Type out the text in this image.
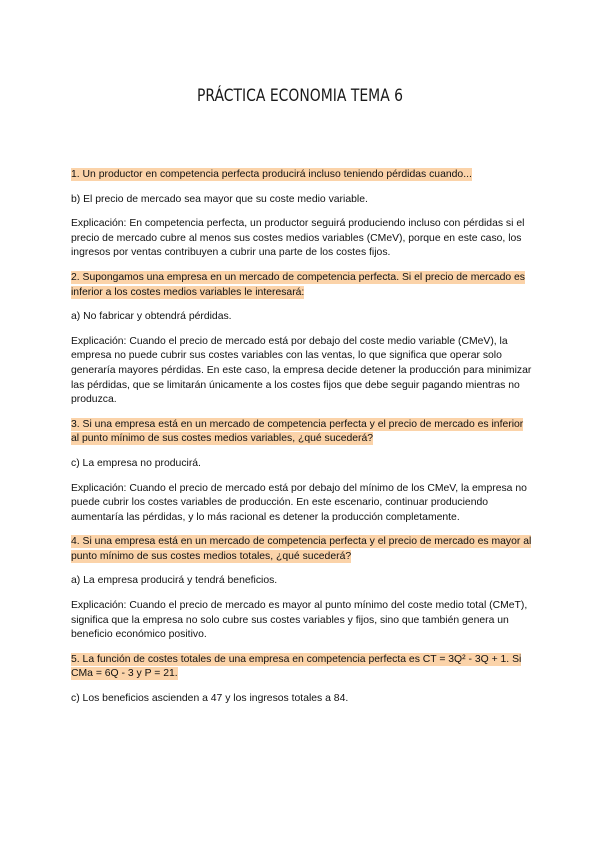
PRÁCTICA ECONOMIA TEMA 6

1. Un productor en competencia perfecta producirá incluso teniendo pérdidas cuando...

b) El precio de mercado sea mayor que su coste medio variable.

Explicación: En competencia perfecta, un productor seguirá produciendo incluso con pérdidas si el precio de mercado cubre al menos sus costes medios variables (CMeV), porque en este caso, los ingresos por ventas contribuyen a cubrir una parte de los costes fijos.

2. Supongamos una empresa en un mercado de competencia perfecta. Si el precio de mercado es inferior a los costes medios variables le interesará:

a) No fabricar y obtendrá pérdidas.

Explicación: Cuando el precio de mercado está por debajo del coste medio variable (CMeV), la empresa no puede cubrir sus costes variables con las ventas, lo que significa que operar solo generaría mayores pérdidas. En este caso, la empresa decide detener la producción para minimizar las pérdidas, que se limitarán únicamente a los costes fijos que debe seguir pagando mientras no produzca.

3. Si una empresa está en un mercado de competencia perfecta y el precio de mercado es inferior al punto mínimo de sus costes medios variables, ¿qué sucederá?

c) La empresa no producirá.

Explicación: Cuando el precio de mercado está por debajo del mínimo de los CMeV, la empresa no puede cubrir los costes variables de producción. En este escenario, continuar produciendo aumentaría las pérdidas, y lo más racional es detener la producción completamente.

4. Si una empresa está en un mercado de competencia perfecta y el precio de mercado es mayor al punto mínimo de sus costes medios totales, ¿qué sucederá?

a) La empresa producirá y tendrá beneficios.

Explicación: Cuando el precio de mercado es mayor al punto mínimo del coste medio total (CMeT), significa que la empresa no solo cubre sus costes variables y fijos, sino que también genera un beneficio económico positivo.

5. La función de costes totales de una empresa en competencia perfecta es CT = 3Q² - 3Q + 1. Si CMa = 6Q - 3 y P = 21.

c) Los beneficios ascienden a 47 y los ingresos totales a 84.
